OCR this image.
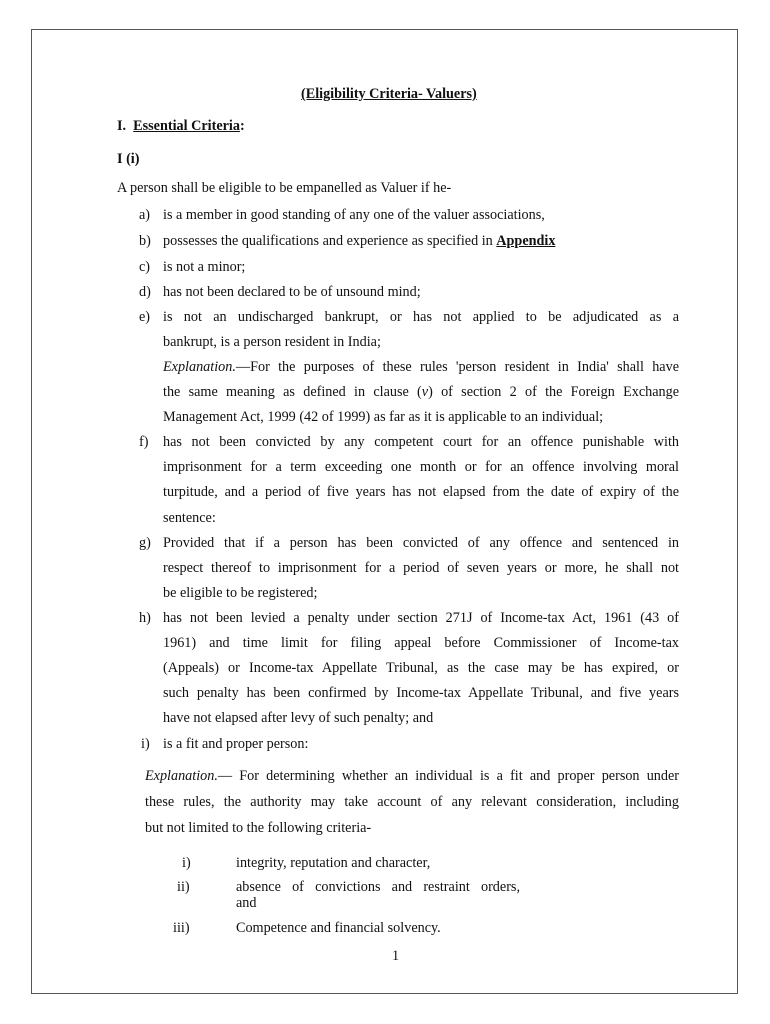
(Eligibility Criteria- Valuers)
I. Essential Criteria:
I (i)
A person shall be eligible to be empanelled as Valuer if he-
a) is a member in good standing of any one of the valuer associations,
b) possesses the qualifications and experience as specified in Appendix
c) is not a minor;
d) has not been declared to be of unsound mind;
e) is not an undischarged bankrupt, or has not applied to be adjudicated as a
bankrupt, is a person resident in India;
Explanation.—For the purposes of these rules 'person resident in India' shall have
the same meaning as defined in clause (v) of section 2 of the Foreign Exchange
Management Act, 1999 (42 of 1999) as far as it is applicable to an individual;
f) has not been convicted by any competent court for an offence punishable with
imprisonment for a term exceeding one month or for an offence involving moral
turpitude, and a period of five years has not elapsed from the date of expiry of the
sentence:
g) Provided that if a person has been convicted of any offence and sentenced in
respect thereof to imprisonment for a period of seven years or more, he shall not
be eligible to be registered;
h) has not been levied a penalty under section 271J of Income-tax Act, 1961 (43 of
1961) and time limit for filing appeal before Commissioner of Income-tax
(Appeals) or Income-tax Appellate Tribunal, as the case may be has expired, or
such penalty has been confirmed by Income-tax Appellate Tribunal, and five years
have not elapsed after levy of such penalty; and
i) is a fit and proper person:
Explanation.— For determining whether an individual is a fit and proper person under
these rules, the authority may take account of any relevant consideration, including
but not limited to the following criteria-
i)	integrity, reputation and character,
ii)	absence of convictions and restraint orders,
and
iii)	Competence and financial solvency.
1
